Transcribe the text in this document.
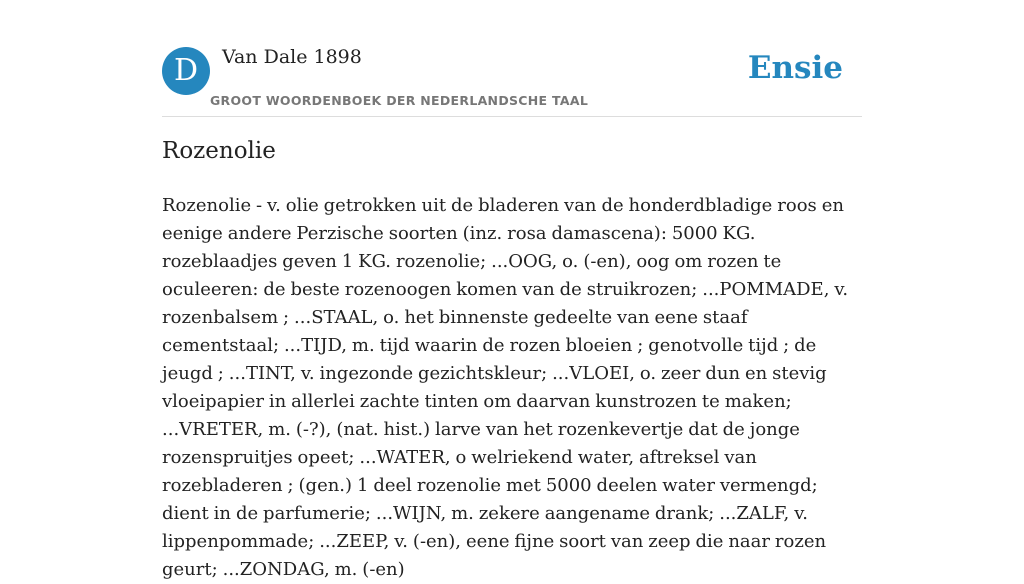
D	Van Dale 1898
GROOT WOORDENBOEK DER NEDERLANDSCHE TAAL
Ensie
Rozenolie

Rozenolie - v. olie getrokken uit de bladeren van de honderdbladige roos en eenige andere Perzische soorten (inz. rosa damascena): 5000 KG. rozeblaadjes geven 1 KG. rozenolie; ...OOG, o. (-en), oog om rozen te oculeeren: de beste rozenoogen komen van de struikrozen; ...POMMADE, v. rozenbalsem ; ...STAAL, o. het binnenste gedeelte van eene staaf cementstaal; ...TIJD, m. tijd waarin de rozen bloeien ; genotvolle tijd ; de jeugd ; ...TINT, v. ingezonde gezichtskleur; ...VLOEI, o. zeer dun en stevig vloeipapier in allerlei zachte tinten om daarvan kunstrozen te maken; ...VRETER, m. (-?), (nat. hist.) larve van het rozenkevertje dat de jonge rozenspruitjes opeet; ...WATER, o welriekend water, aftreksel van rozebladeren ; (gen.) 1 deel rozenolie met 5000 deelen water vermengd; dient in de parfumerie; ...WIJN, m. zekere aangename drank; ...ZALF, v. lippenpommade; ...ZEEP, v. (-en), eene fijne soort van zeep die naar rozen geurt; ...ZONDAG, m. (-en)
